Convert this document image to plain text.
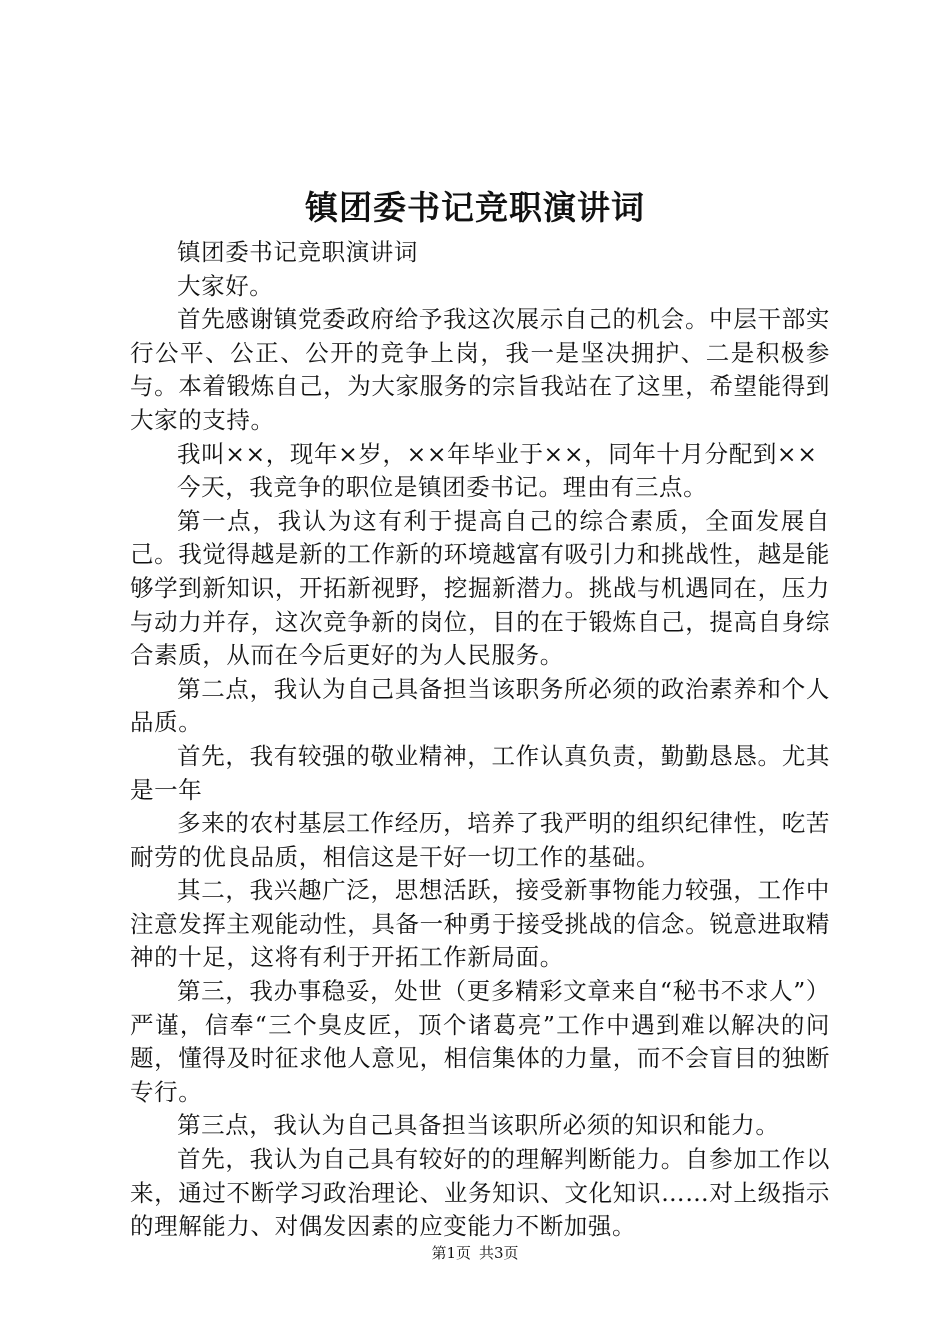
镇团委书记竞职演讲词

镇团委书记竞职演讲词

大家好。

首先感谢镇党委政府给予我这次展示自己的机会。中层干部实行公平、公正、公开的竞争上岗，我一是坚决拥护、二是积极参与。本着锻炼自己，为大家服务的宗旨我站在了这里，希望能得到大家的支持。

我叫××，现年×岁，××年毕业于××，同年十月分配到××

今天，我竞争的职位是镇团委书记。理由有三点。

第一点，我认为这有利于提高自己的综合素质，全面发展自己。我觉得越是新的工作新的环境越富有吸引力和挑战性，越是能够学到新知识，开拓新视野，挖掘新潜力。挑战与机遇同在，压力与动力并存，这次竞争新的岗位，目的在于锻炼自己，提高自身综合素质，从而在今后更好的为人民服务。

第二点，我认为自己具备担当该职务所必须的政治素养和个人品质。

首先，我有较强的敬业精神，工作认真负责，勤勤恳恳。尤其是一年

多来的农村基层工作经历，培养了我严明的组织纪律性，吃苦耐劳的优良品质，相信这是干好一切工作的基础。

其二，我兴趣广泛，思想活跃，接受新事物能力较强，工作中注意发挥主观能动性，具备一种勇于接受挑战的信念。锐意进取精神的十足，这将有利于开拓工作新局面。

第三，我办事稳妥，处世（更多精彩文章来自“秘书不求人”）严谨，信奉“三个臭皮匠，顶个诸葛亮”工作中遇到难以解决的问题，懂得及时征求他人意见，相信集体的力量，而不会盲目的独断专行。

第三点，我认为自己具备担当该职所必须的知识和能力。

首先，我认为自己具有较好的的理解判断能力。自参加工作以来，通过不断学习政治理论、业务知识、文化知识……对上级指示的理解能力、对偶发因素的应变能力不断加强。

第1页 共3页
